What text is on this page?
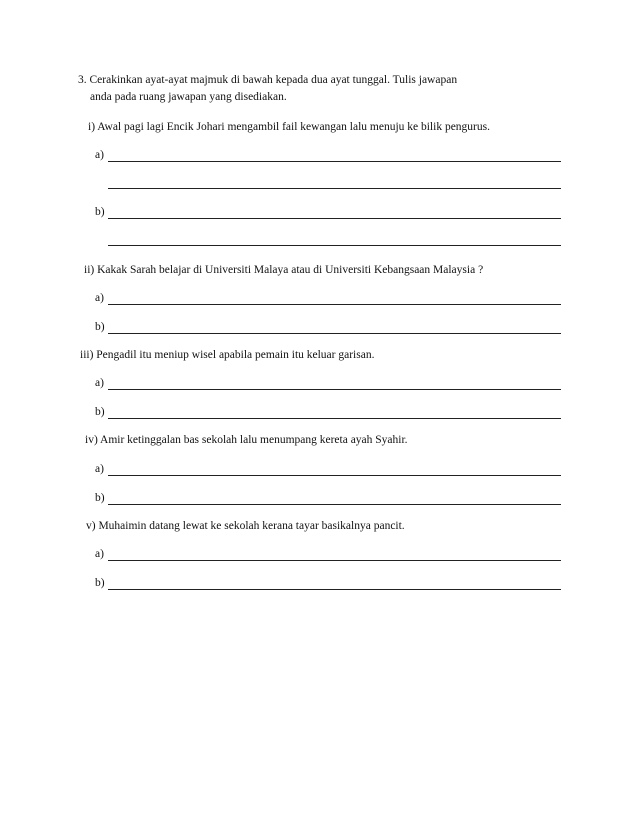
3. Cerakinkan ayat-ayat majmuk di bawah kepada dua ayat tunggal. Tulis jawapan
anda pada ruang jawapan yang disediakan.
i) Awal pagi lagi Encik Johari mengambil fail kewangan lalu menuju ke bilik pengurus.
a)
b)
ii) Kakak Sarah belajar di Universiti Malaya atau di Universiti Kebangsaan Malaysia ?
a)
b)
iii) Pengadil itu meniup wisel apabila pemain itu keluar garisan.
a)
b)
iv) Amir ketinggalan bas sekolah lalu menumpang kereta ayah Syahir.
a)
b)
v) Muhaimin datang lewat ke sekolah kerana tayar basikalnya pancit.
a)
b)
